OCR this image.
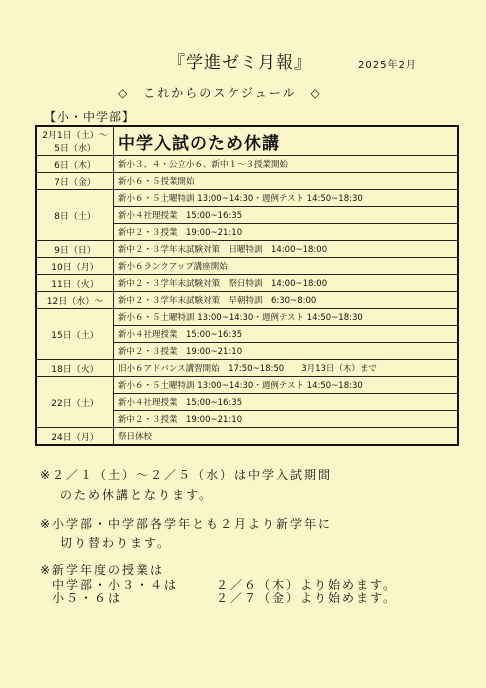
『学進ゼミ月報』	2025年2月
◇　これからのスケジュール　◇
【小・中学部】
2月1日（土）～
5日（水）	中学入試のため休講
6日（木）	新小３、４・公立小６、新中１～３授業開始
7日（金）	新小６・５授業開始
8日（土）	新小６・５土曜特訓 13:00~14:30・週例テスト 14:50~18:30
	新小４社理授業　15:00~16:35
	新中２・３授業　19:00~21:10
9日（日）	新中２・３学年末試験対策　日曜特訓　14:00~18:00
10日（月）	新小６ランクアップ講座開始
11日（火）	新中２・３学年末試験対策　祭日特訓　14:00~18:00
12日（水）～	新中２・３学年末試験対策　早朝特訓　6:30~8:00
15日（土）	新小６・５土曜特訓 13:00~14:30・週例テスト 14:50~18:30
	新小４社理授業　15:00~16:35
	新中２・３授業　19:00~21:10
18日（火）	旧小６アドバンス講習開始　17:50~18:50　　3月13日（木）まで
22日（土）	新小６・５土曜特訓 13:00~14:30・週例テスト 14:50~18:30
	新小４社理授業　15:00~16:35
	新中２・３授業　19:00~21:10
24日（月）	祭日休校
※２／１（土）～２／５（水）は中学入試期間
のため休講となります。
※小学部・中学部各学年とも２月より新学年に
切り替わります。
※新学年度の授業は
中学部・小３・４は	２／６（木）より始めます。
小５・６は	２／７（金）より始めます。
